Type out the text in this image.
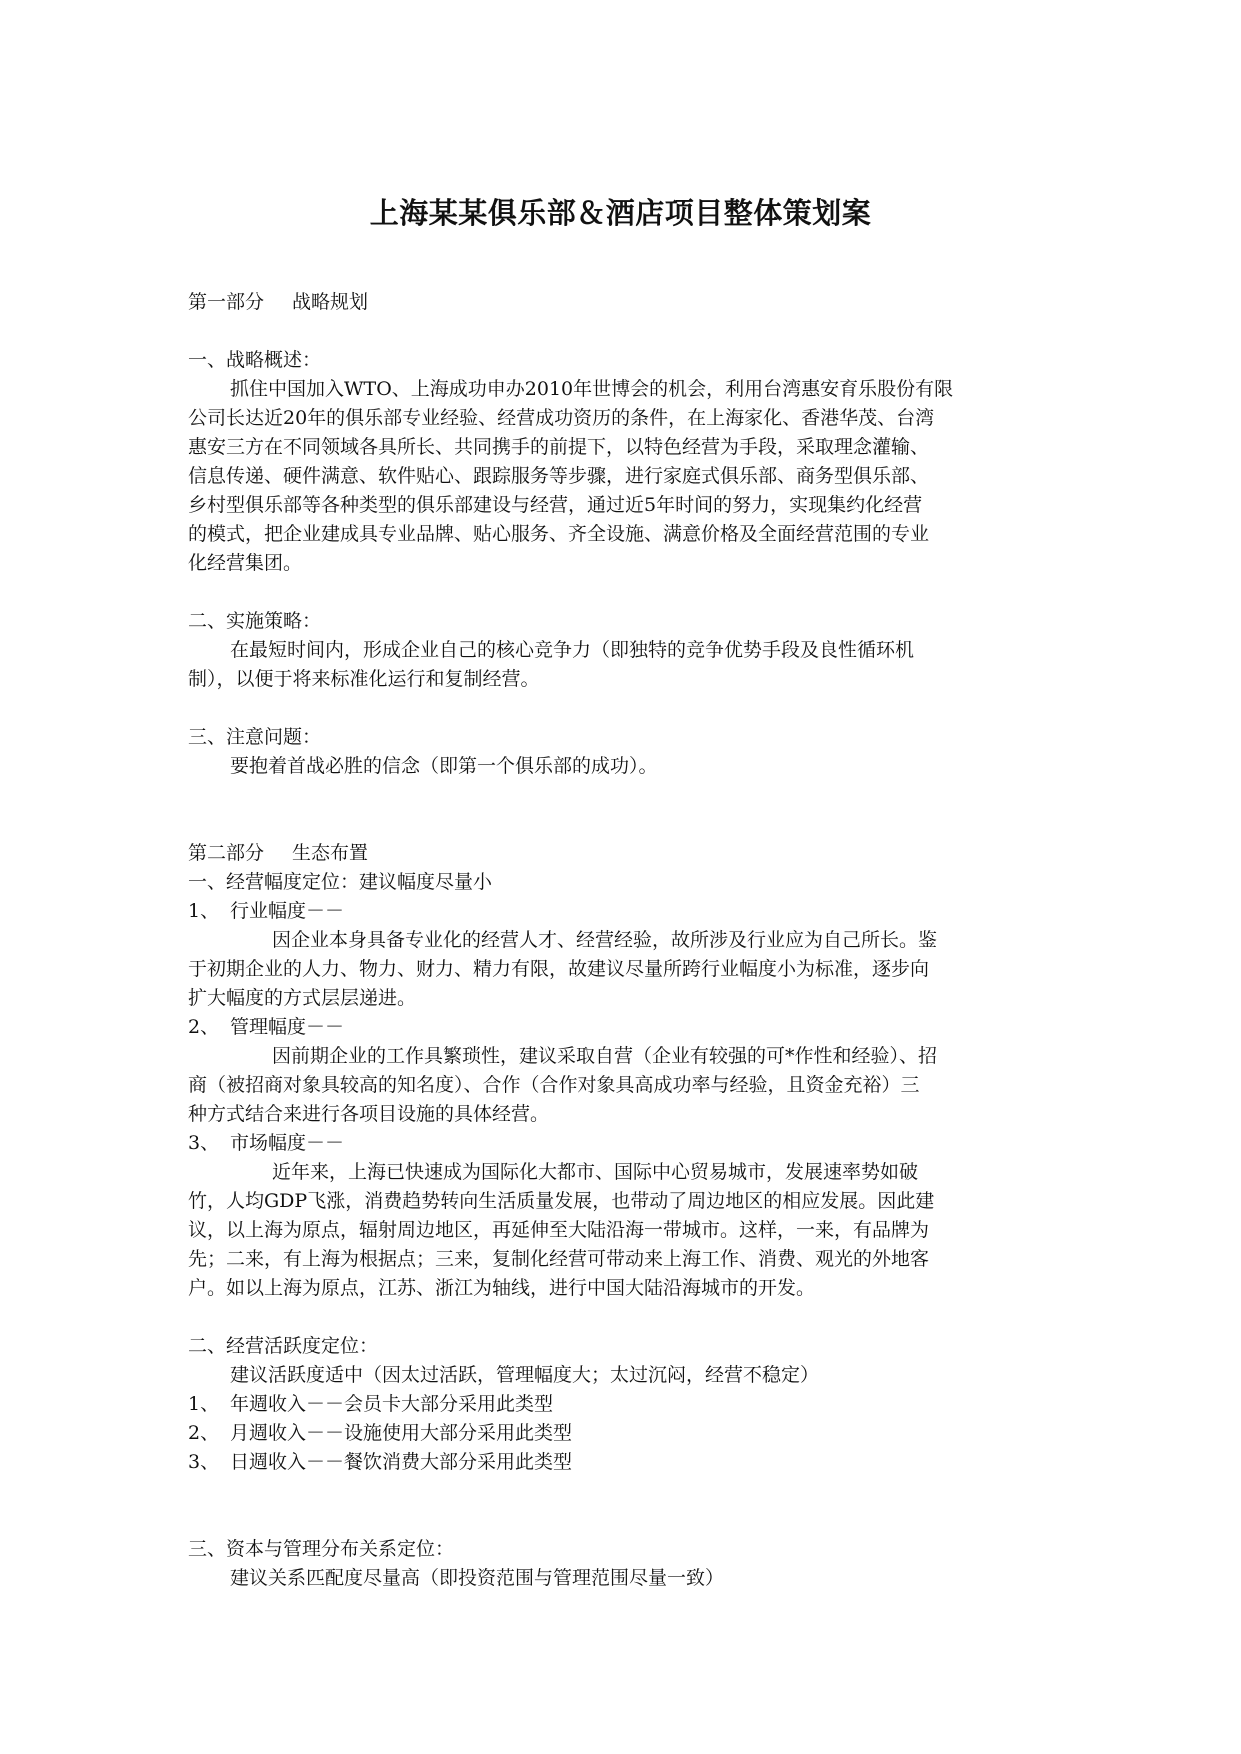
上海某某俱乐部＆酒店项目整体策划案

第一部分 战略规划

一、战略概述：

抓住中国加入WTO、上海成功申办2010年世博会的机会，利用台湾惠安育乐股份有限

公司长达近20年的俱乐部专业经验、经营成功资历的条件，在上海家化、香港华茂、台湾

惠安三方在不同领域各具所长、共同携手的前提下，以特色经营为手段，采取理念灌输、

信息传递、硬件满意、软件贴心、跟踪服务等步骤，进行家庭式俱乐部、商务型俱乐部、

乡村型俱乐部等各种类型的俱乐部建设与经营，通过近5年时间的努力，实现集约化经营

的模式，把企业建成具专业品牌、贴心服务、齐全设施、满意价格及全面经营范围的专业

化经营集团。

二、实施策略：

在最短时间内，形成企业自己的核心竞争力（即独特的竞争优势手段及良性循环机

制），以便于将来标准化运行和复制经营。

三、注意问题：

要抱着首战必胜的信念（即第一个俱乐部的成功）。

第二部分 生态布置

一、经营幅度定位：建议幅度尽量小

1、 行业幅度－－

因企业本身具备专业化的经营人才、经营经验，故所涉及行业应为自己所长。鉴

于初期企业的人力、物力、财力、精力有限，故建议尽量所跨行业幅度小为标准，逐步向

扩大幅度的方式层层递进。

2、 管理幅度－－

因前期企业的工作具繁琐性，建议采取自营（企业有较强的可*作性和经验）、招

商（被招商对象具较高的知名度）、合作（合作对象具高成功率与经验，且资金充裕）三

种方式结合来进行各项目设施的具体经营。

3、 市场幅度－－

近年来，上海已快速成为国际化大都市、国际中心贸易城市，发展速率势如破

竹，人均GDP飞涨，消费趋势转向生活质量发展，也带动了周边地区的相应发展。因此建

议，以上海为原点，辐射周边地区，再延伸至大陆沿海一带城市。这样，一来，有品牌为

先；二来，有上海为根据点；三来，复制化经营可带动来上海工作、消费、观光的外地客

户。如以上海为原点，江苏、浙江为轴线，进行中国大陆沿海城市的开发。

二、经营活跃度定位：

建议活跃度适中（因太过活跃，管理幅度大；太过沉闷，经营不稳定）

1、 年週收入－－会员卡大部分采用此类型

2、 月週收入－－设施使用大部分采用此类型

3、 日週收入－－餐饮消费大部分采用此类型

三、资本与管理分布关系定位：

建议关系匹配度尽量高（即投资范围与管理范围尽量一致）
